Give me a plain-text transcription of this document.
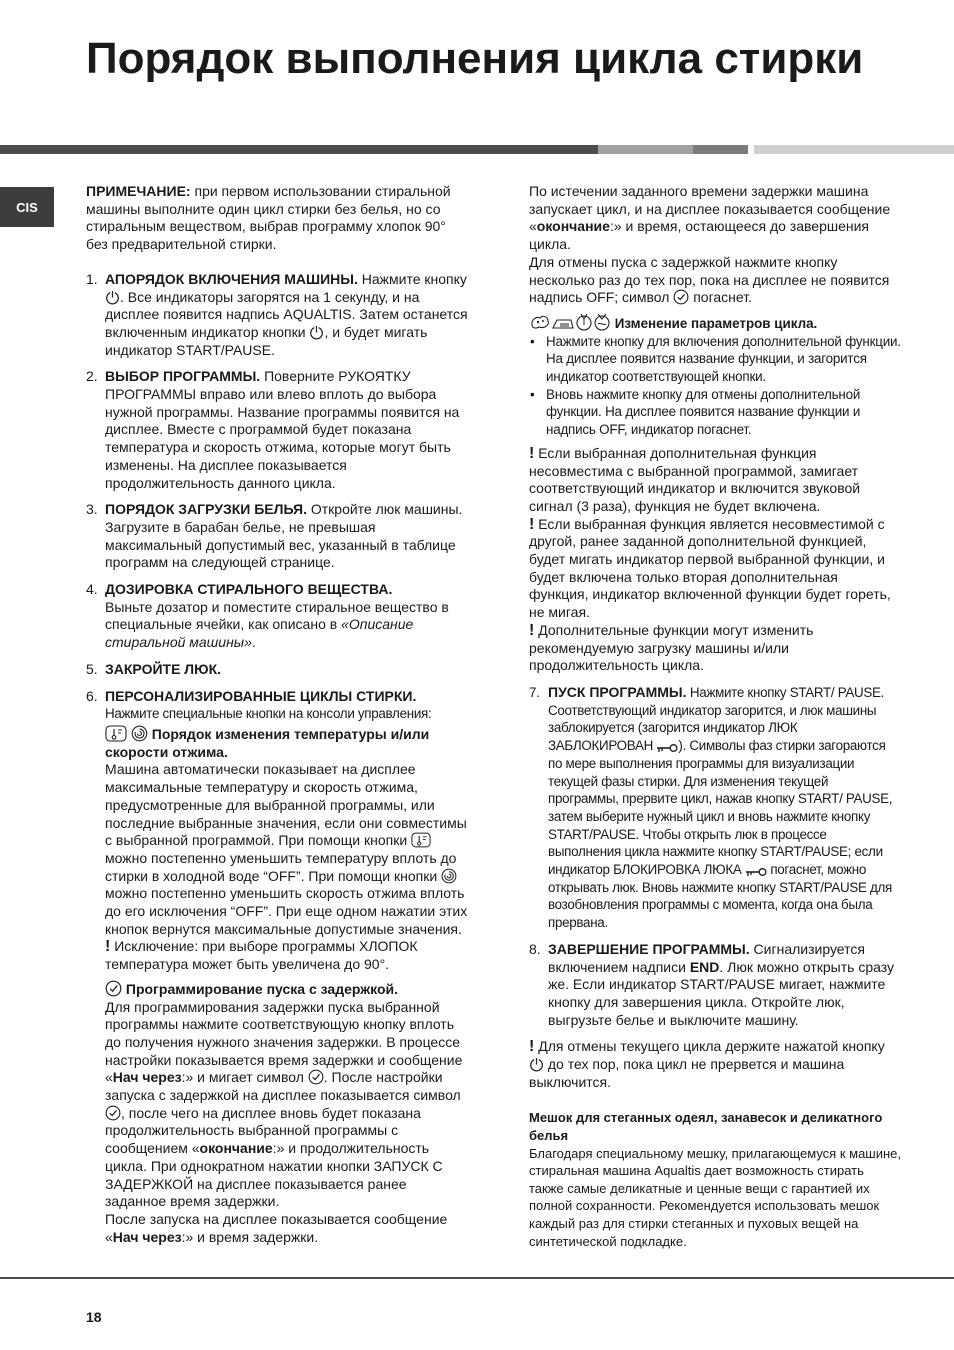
Порядок выполнения цикла стирки
CIS

ПРИМЕЧАНИЕ: при первом использовании стиральной машины выполните один цикл стирки без белья, но со стиральным веществом, выбрав программу хлопок 90° без предварительной стирки.

1. АПОРЯДОК ВКЛЮЧЕНИЯ МАШИНЫ. Нажмите кнопку . Все индикаторы загорятся на 1 секунду, и на дисплее появится надпись AQUALTIS. Затем останется включенным индикатор кнопки , и будет мигать индикатор START/PAUSE.
2. ВЫБОР ПРОГРАММЫ. Поверните РУКОЯТКУ ПРОГРАММЫ вправо или влево вплоть до выбора нужной программы. Название программы появится на дисплее. Вместе с программой будет показана температура и скорость отжима, которые могут быть изменены. На дисплее показывается продолжительность данного цикла.
3. ПОРЯДОК ЗАГРУЗКИ БЕЛЬЯ. Откройте люк машины. Загрузите в барабан белье, не превышая максимальный допустимый вес, указанный в таблице программ на следующей странице.
4. ДОЗИРОВКА СТИРАЛЬНОГО ВЕЩЕСТВА.

Выньте дозатор и поместите стиральное вещество в специальные ячейки, как описано в «Описание стиральной машины».

5. ЗАКРОЙТЕ ЛЮК.
6. ПЕРСОНАЛИЗИРОВАННЫЕ ЦИКЛЫ СТИРКИ.

Нажмите специальные кнопки на консоли управления:

Порядок изменения температуры и/или скорости отжима.

Машина автоматически показывает на дисплее максимальные температуру и скорость отжима, предусмотренные для выбранной программы, или последние выбранные значения, если они совместимы с выбранной программой. При помощи кнопки  можно постепенно уменьшить температуру вплоть до стирки в холодной воде “OFF”. При помощи кнопки  можно постепенно уменьшить скорость отжима вплоть до его исключения “OFF”. При еще одном нажатии этих кнопок вернутся максимальные допустимые значения.

! Исключение: при выборе программы ХЛОПОК температура может быть увеличена до 90°.

Программирование пуска с задержкой.

Для программирования задержки пуска выбранной программы нажмите соответствующую кнопку вплоть до получения нужного значения задержки. В процессе настройки показывается время задержки и сообщение «Нач через:» и мигает символ . После настройки запуска с задержкой на дисплее показывается символ , после чего на дисплее вновь будет показана продолжительность выбранной программы с сообщением «окончание:» и продолжительность цикла. При однократном нажатии кнопки ЗАПУСК С ЗАДЕРЖКОЙ на дисплее показывается ранее заданное время задержки.

После запуска на дисплее показывается сообщение «Нач через:» и время задержки.

По истечении заданного времени задержки машина запускает цикл, и на дисплее показывается сообщение «окончание:» и время, остающееся до завершения цикла.

Для отмены пуска с задержкой нажмите кнопку несколько раз до тех пор, пока на дисплее не появится надпись OFF; символ  погаснет.

Изменение параметров цикла.

• Нажмите кнопку для включения дополнительной функции. На дисплее появится название функции, и загорится индикатор соответствующей кнопки.

• Вновь нажмите кнопку для отмены дополнительной функции. На дисплее появится название функции и надпись OFF, индикатор погаснет.

! Если выбранная дополнительная функция несовместима с выбранной программой, замигает соответствующий индикатор и включится звуковой сигнал (3 раза), функция не будет включена.

! Если выбранная функция является несовместимой с другой, ранее заданной дополнительной функцией, будет мигать индикатор первой выбранной функции, и будет включена только вторая дополнительная функция, индикатор включенной функции будет гореть, не мигая.

! Дополнительные функции могут изменить рекомендуемую загрузку машины и/или продолжительность цикла.

7. ПУСК ПРОГРАММЫ. Нажмите кнопку START/ PAUSE. Соответствующий индикатор загорится, и люк машины заблокируется (загорится индикатор ЛЮК ЗАБЛОКИРОВАН ). Символы фаз стирки загораются по мере выполнения программы для визуализации текущей фазы стирки. Для изменения текущей программы, прервите цикл, нажав кнопку START/ PAUSE, затем выберите нужный цикл и вновь нажмите кнопку START/PAUSE. Чтобы открыть люк в процессе выполнения цикла нажмите кнопку START/PAUSE; если индикатор БЛОКИРОВКА ЛЮКА  погаснет, можно открывать люк. Вновь нажмите кнопку START/PAUSE для возобновления программы с момента, когда она была прервана.
8. ЗАВЕРШЕНИЕ ПРОГРАММЫ. Сигнализируется включением надписи END. Люк можно открыть сразу же. Если индикатор START/PAUSE мигает, нажмите кнопку для завершения цикла. Откройте люк, выгрузьте белье и выключите машину.

! Для отмены текущего цикла держите нажатой кнопку  до тех пор, пока цикл не прервется и машина выключится.

Мешок для стеганных одеял, занавесок и деликатного белья

Благодаря специальному мешку, прилагающемуся к машине, стиральная машина Aqualtis дает возможность стирать также самые деликатные и ценные вещи с гарантией их полной сохранности. Рекомендуется использовать мешок каждый раз для стирки стеганных и пуховых вещей на синтетической подкладке.

18
